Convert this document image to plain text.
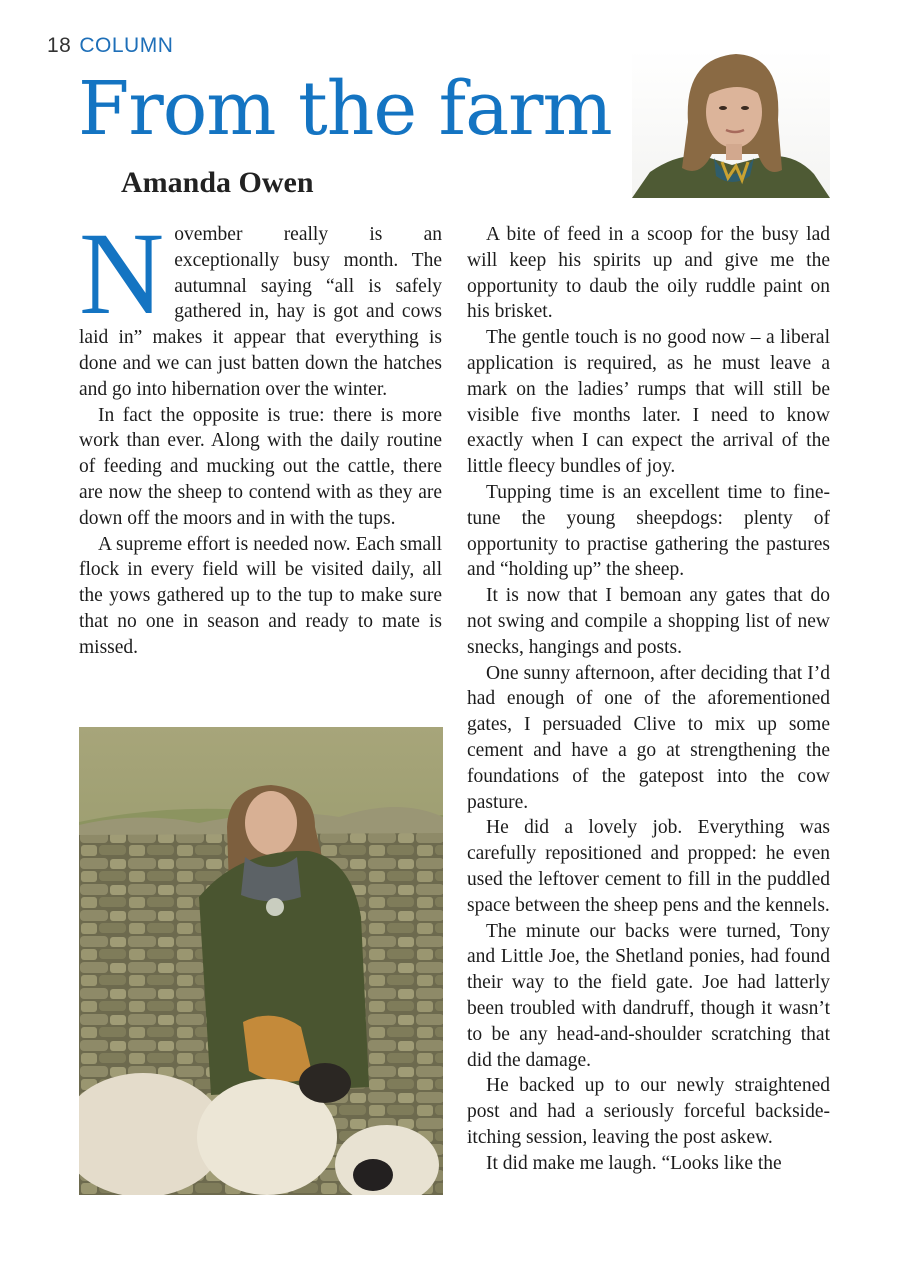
18 COLUMN
From the farm
Amanda Owen

November really is an exceptionally busy month. The autumnal saying “all is safely gathered in, hay is got and cows laid in” makes it appear that everything is done and we can just batten down the hatches and go into hibernation over the winter.

In fact the opposite is true: there is more work than ever. Along with the daily routine of feeding and mucking out the cattle, there are now the sheep to contend with as they are down off the moors and in with the tups.

A supreme effort is needed now. Each small flock in every field will be visited daily, all the yows gathered up to the tup to make sure that no one in season and ready to mate is missed.

A bite of feed in a scoop for the busy lad will keep his spirits up and give me the opportunity to daub the oily ruddle paint on his brisket.

The gentle touch is no good now – a liberal application is required, as he must leave a mark on the ladies’ rumps that will still be visible five months later. I need to know exactly when I can expect the arrival of the little fleecy bundles of joy.

Tupping time is an excellent time to fine-tune the young sheepdogs: plenty of opportunity to practise gathering the pastures and “holding up” the sheep.

It is now that I bemoan any gates that do not swing and compile a shopping list of new snecks, hangings and posts.

One sunny afternoon, after deciding that I’d had enough of one of the aforementioned gates, I persuaded Clive to mix up some cement and have a go at strengthening the foundations of the gatepost into the cow pasture.

He did a lovely job. Everything was carefully repositioned and propped: he even used the leftover cement to fill in the puddled space between the sheep pens and the kennels.

The minute our backs were turned, Tony and Little Joe, the Shetland ponies, had found their way to the field gate. Joe had latterly been troubled with dandruff, though it wasn’t to be any head-and-shoulder scratching that did the damage.

He backed up to our newly straightened post and had a seriously forceful backside-itching session, leaving the post askew.

It did make me laugh. “Looks like the
